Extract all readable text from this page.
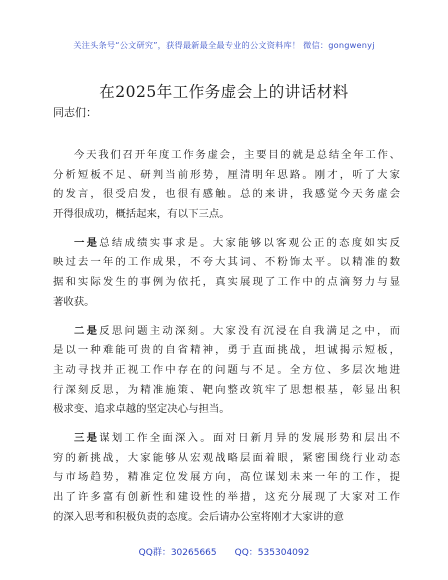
关注头条号“公文研究”，获得最新最全最专业的公文资料库！ 微信：gongwenyj
在2025年工作务虚会上的讲话材料
同志们：
今天我们召开年度工作务虚会，主要目的就是总结全年工作、
分析短板不足、研判当前形势，厘清明年思路。刚才，听了大家
的发言，很受启发，也很有感触。总的来讲，我感觉今天务虚会
开得很成功，概括起来，有以下三点。
一是总结成绩实事求是。大家能够以客观公正的态度如实反
映过去一年的工作成果，不夸大其词、不粉饰太平。以精准的数
据和实际发生的事例为依托，真实展现了工作中的点滴努力与显
著收获。
二是反思问题主动深刻。大家没有沉浸在自我满足之中，而
是以一种难能可贵的自省精神，勇于直面挑战，坦诚揭示短板，
主动寻找并正视工作中存在的问题与不足。全方位、多层次地进
行深刻反思，为精准施策、靶向整改筑牢了思想根基，彰显出积
极求变、追求卓越的坚定决心与担当。
三是谋划工作全面深入。面对日新月异的发展形势和层出不
穷的新挑战，大家能够从宏观战略层面着眼，紧密围绕行业动态
与市场趋势，精准定位发展方向，高位谋划未来一年的工作，提
出了许多富有创新性和建设性的举措，这充分展现了大家对工作
的深入思考和积极负责的态度。会后请办公室将刚才大家讲的意
QQ群：30265665 QQ：535304092
